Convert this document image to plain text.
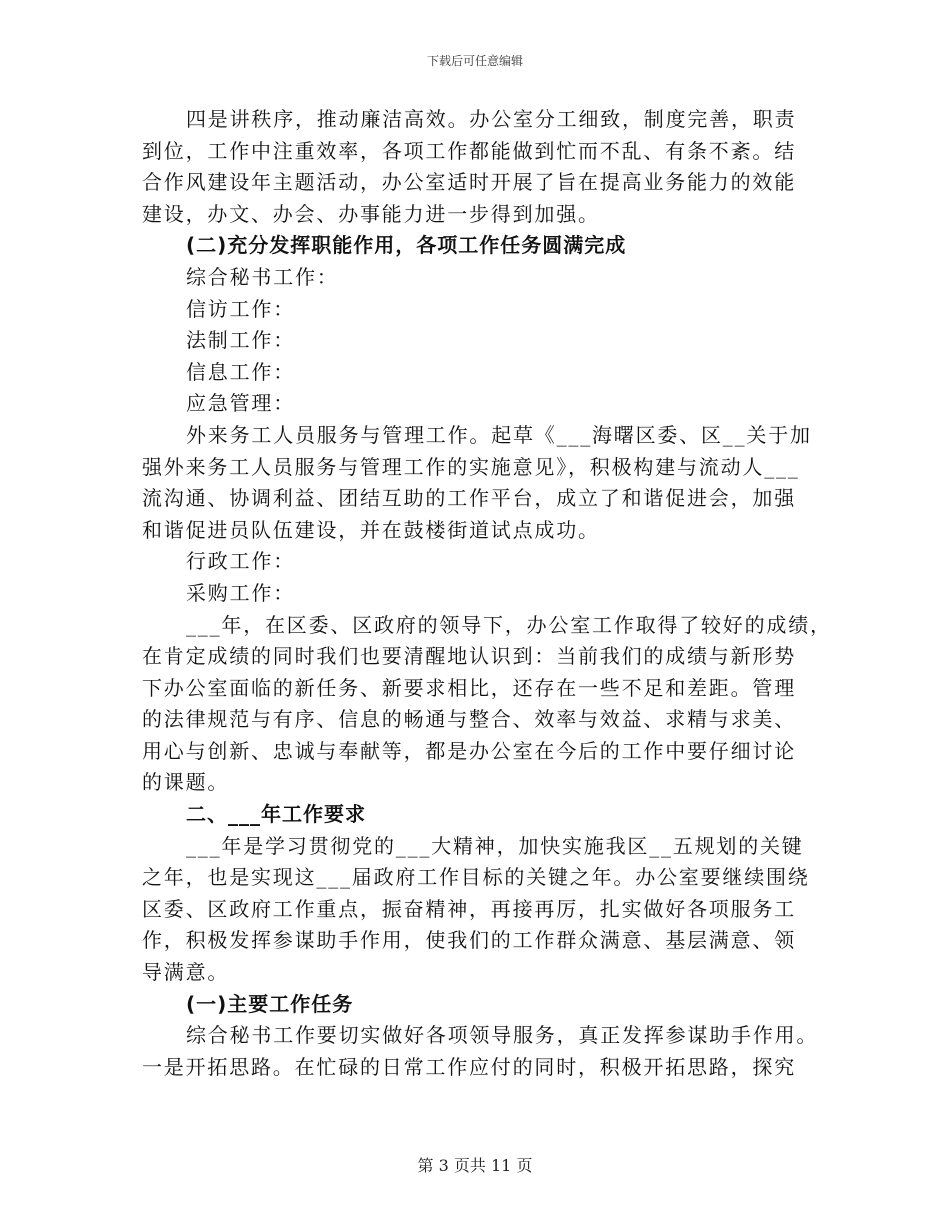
下载后可任意编辑
四是讲秩序，推动廉洁高效。办公室分工细致，制度完善，职责
到位，工作中注重效率，各项工作都能做到忙而不乱、有条不紊。结
合作风建设年主题活动，办公室适时开展了旨在提高业务能力的效能
建设，办文、办会、办事能力进一步得到加强。
(二)充分发挥职能作用，各项工作任务圆满完成
综合秘书工作：
信访工作：
法制工作：
信息工作：
应急管理：
外来务工人员服务与管理工作。起草《___海曙区委、区__关于加
强外来务工人员服务与管理工作的实施意见》，积极构建与流动人___
流沟通、协调利益、团结互助的工作平台，成立了和谐促进会，加强
和谐促进员队伍建设，并在鼓楼街道试点成功。
行政工作：
采购工作：
___年，在区委、区政府的领导下，办公室工作取得了较好的成绩，
在肯定成绩的同时我们也要清醒地认识到：当前我们的成绩与新形势
下办公室面临的新任务、新要求相比，还存在一些不足和差距。管理
的法律规范与有序、信息的畅通与整合、效率与效益、求精与求美、
用心与创新、忠诚与奉献等，都是办公室在今后的工作中要仔细讨论
的课题。
二、___年工作要求
___年是学习贯彻党的___大精神，加快实施我区__五规划的关键
之年，也是实现这___届政府工作目标的关键之年。办公室要继续围绕
区委、区政府工作重点，振奋精神，再接再厉，扎实做好各项服务工
作，积极发挥参谋助手作用，使我们的工作群众满意、基层满意、领
导满意。
(一)主要工作任务
综合秘书工作要切实做好各项领导服务，真正发挥参谋助手作用。
一是开拓思路。在忙碌的日常工作应付的同时，积极开拓思路，探究
第 3 页共 11 页
